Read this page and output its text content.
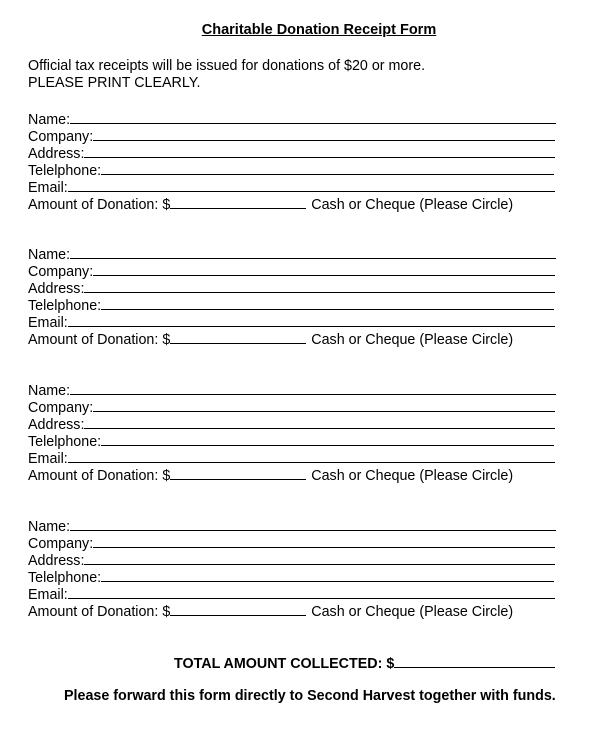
Charitable Donation Receipt Form
Official tax receipts will be issued for donations of $20 or more.
PLEASE PRINT CLEARLY.
Name:
Company:
Address:
Telelphone:
Email:
Amount of Donation: $	Cash or Cheque (Please Circle)
Name:
Company:
Address:
Telelphone:
Email:
Amount of Donation: $	Cash or Cheque (Please Circle)
Name:
Company:
Address:
Telelphone:
Email:
Amount of Donation: $	Cash or Cheque (Please Circle)
Name:
Company:
Address:
Telelphone:
Email:
Amount of Donation: $	Cash or Cheque (Please Circle)
TOTAL AMOUNT COLLECTED: $
Please forward this form directly to Second Harvest together with funds.
